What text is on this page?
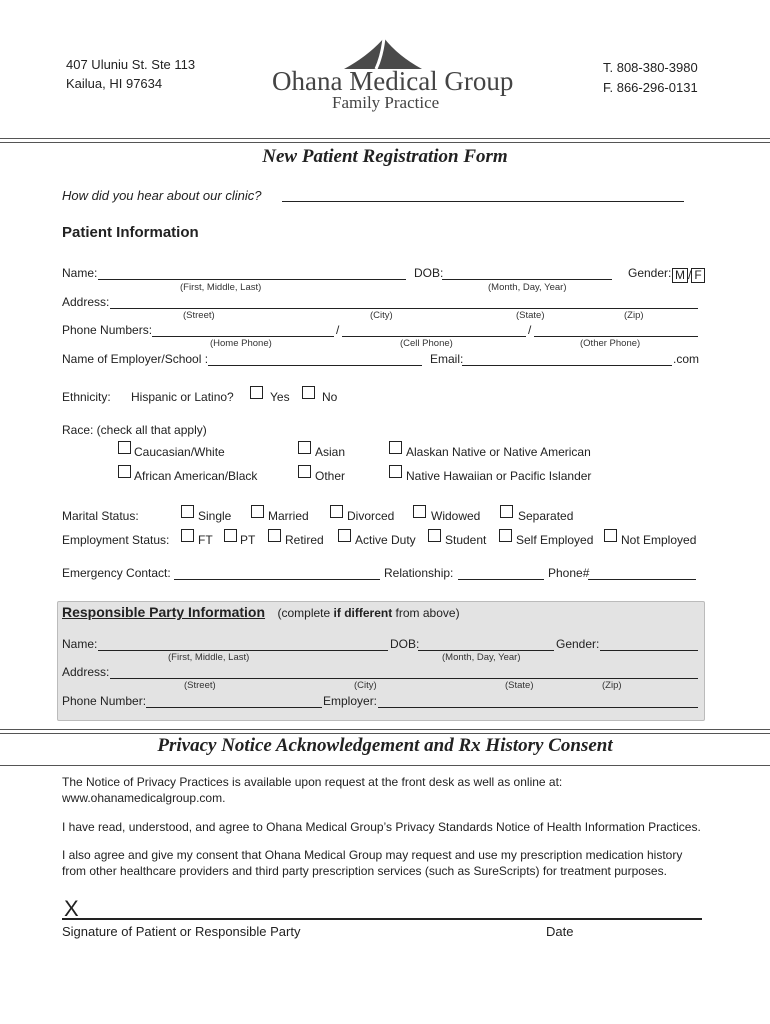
407 Uluniu St. Ste 113
Kailua, HI 97634	Ohana Medical Group
Family Practice
T. 808-380-3980
F. 866-296-0131
New Patient Registration Form
How did you hear about our clinic?
Patient Information
Name:	DOB:	Gender: M / F
(First, Middle, Last)	(Month, Day, Year)
Address:
(Street)	(City)	(State)	(Zip)
Phone Numbers:	/	/
(Home Phone)	(Cell Phone)	(Other Phone)
Name of Employer/School :	Email:	.com
Ethnicity: Hispanic or Latino?	Yes	No
Race: (check all that apply)
Caucasian/White	Asian	Alaskan Native or Native American
African American/Black	Other	Native Hawaiian or Pacific Islander
Marital Status:	Single	Married	Divorced	Widowed	Separated
Employment Status: FT PT Retired	Active Duty Student Self Employed Not Employed
Emergency Contact:	Relationship:	Phone#
Responsible Party Information (complete if different from above)
Name:	DOB:	Gender:
(First, Middle, Last)	(Month, Day, Year)
Address:
(Street)	(City)	(State)	(Zip)
Phone Number:	Employer:
Privacy Notice Acknowledgement and Rx History Consent
The Notice of Privacy Practices is available upon request at the front desk as well as online at:
www.ohanamedicalgroup.com.
I have read, understood, and agree to Ohana Medical Group’s Privacy Standards Notice of Health Information Practices.
I also agree and give my consent that Ohana Medical Group may request and use my prescription medication history
from other healthcare providers and third party prescription services (such as SureScripts) for treatment purposes.
X
Signature of Patient or Responsible Party	Date
